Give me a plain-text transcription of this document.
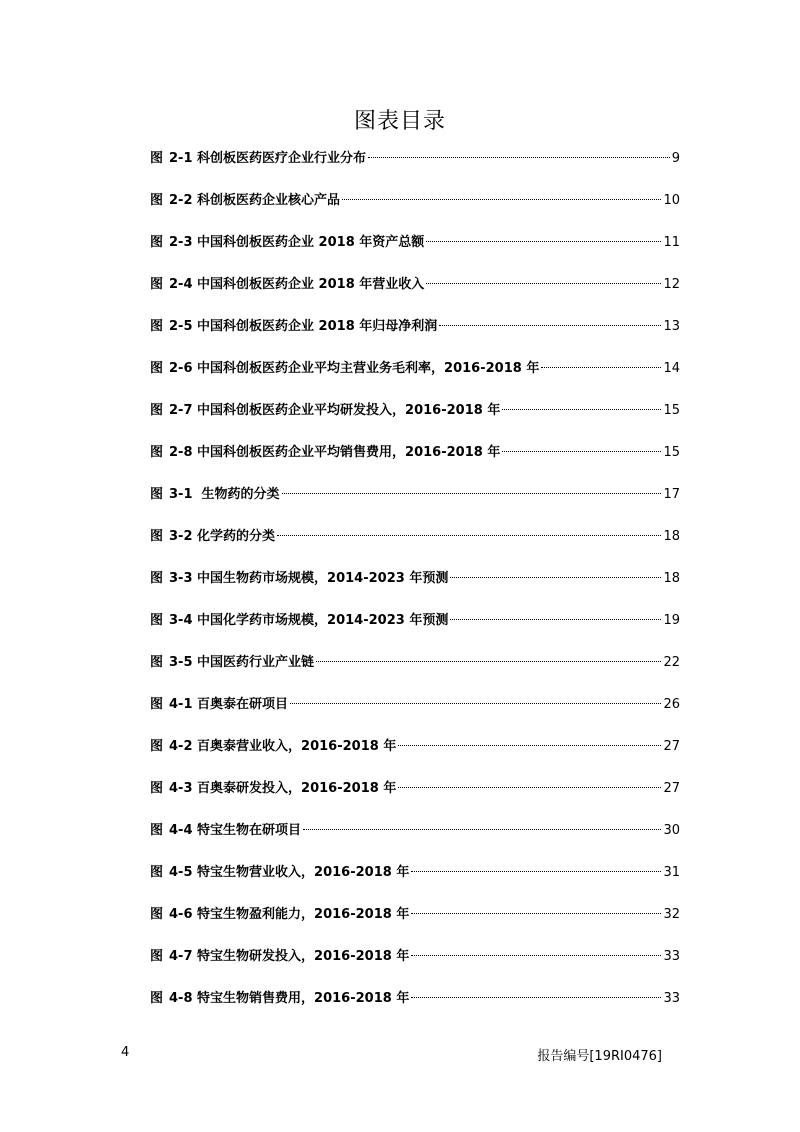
图表目录
图 2-1 科创板医药医疗企业行业分布	9
图 2-2 科创板医药企业核心产品	10
图 2-3 中国科创板医药企业 2018 年资产总额	11
图 2-4 中国科创板医药企业 2018 年营业收入	12
图 2-5 中国科创板医药企业 2018 年归母净利润	13
图 2-6 中国科创板医药企业平均主营业务毛利率，2016-2018 年	14
图 2-7 中国科创板医药企业平均研发投入，2016-2018 年	15
图 2-8 中国科创板医药企业平均销售费用，2016-2018 年	15
图 3-1  生物药的分类	17
图 3-2 化学药的分类	18
图 3-3 中国生物药市场规模，2014-2023 年预测	18
图 3-4 中国化学药市场规模，2014-2023 年预测	19
图 3-5 中国医药行业产业链	22
图 4-1 百奥泰在研项目	26
图 4-2 百奥泰营业收入，2016-2018 年	27
图 4-3 百奥泰研发投入，2016-2018 年	27
图 4-4 特宝生物在研项目	30
图 4-5 特宝生物营业收入，2016-2018 年	31
图 4-6 特宝生物盈利能力，2016-2018 年	32
图 4-7 特宝生物研发投入，2016-2018 年	33
图 4-8 特宝生物销售费用，2016-2018 年	33
4	报告编号[19RI0476]
